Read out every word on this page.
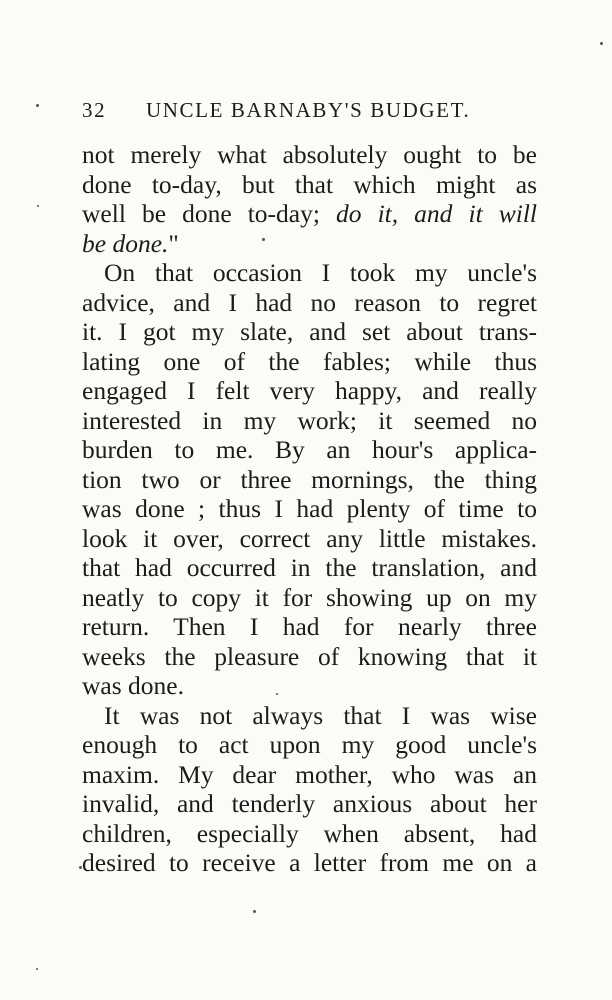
32 UNCLE BARNABY'S BUDGET.
not merely what absolutely ought to be
done to-day, but that which might as
well be done to-day; do it, and it will
be done."
On that occasion I took my uncle's
advice, and I had no reason to regret
it. I got my slate, and set about trans-
lating one of the fables; while thus
engaged I felt very happy, and really
interested in my work; it seemed no
burden to me. By an hour's applica-
tion two or three mornings, the thing
was done ; thus I had plenty of time to
look it over, correct any little mistakes.
that had occurred in the translation, and
neatly to copy it for showing up on my
return. Then I had for nearly three
weeks the pleasure of knowing that it
was done.
It was not always that I was wise
enough to act upon my good uncle's
maxim. My dear mother, who was an
invalid, and tenderly anxious about her
children, especially when absent, had
desired to receive a letter from me on a
